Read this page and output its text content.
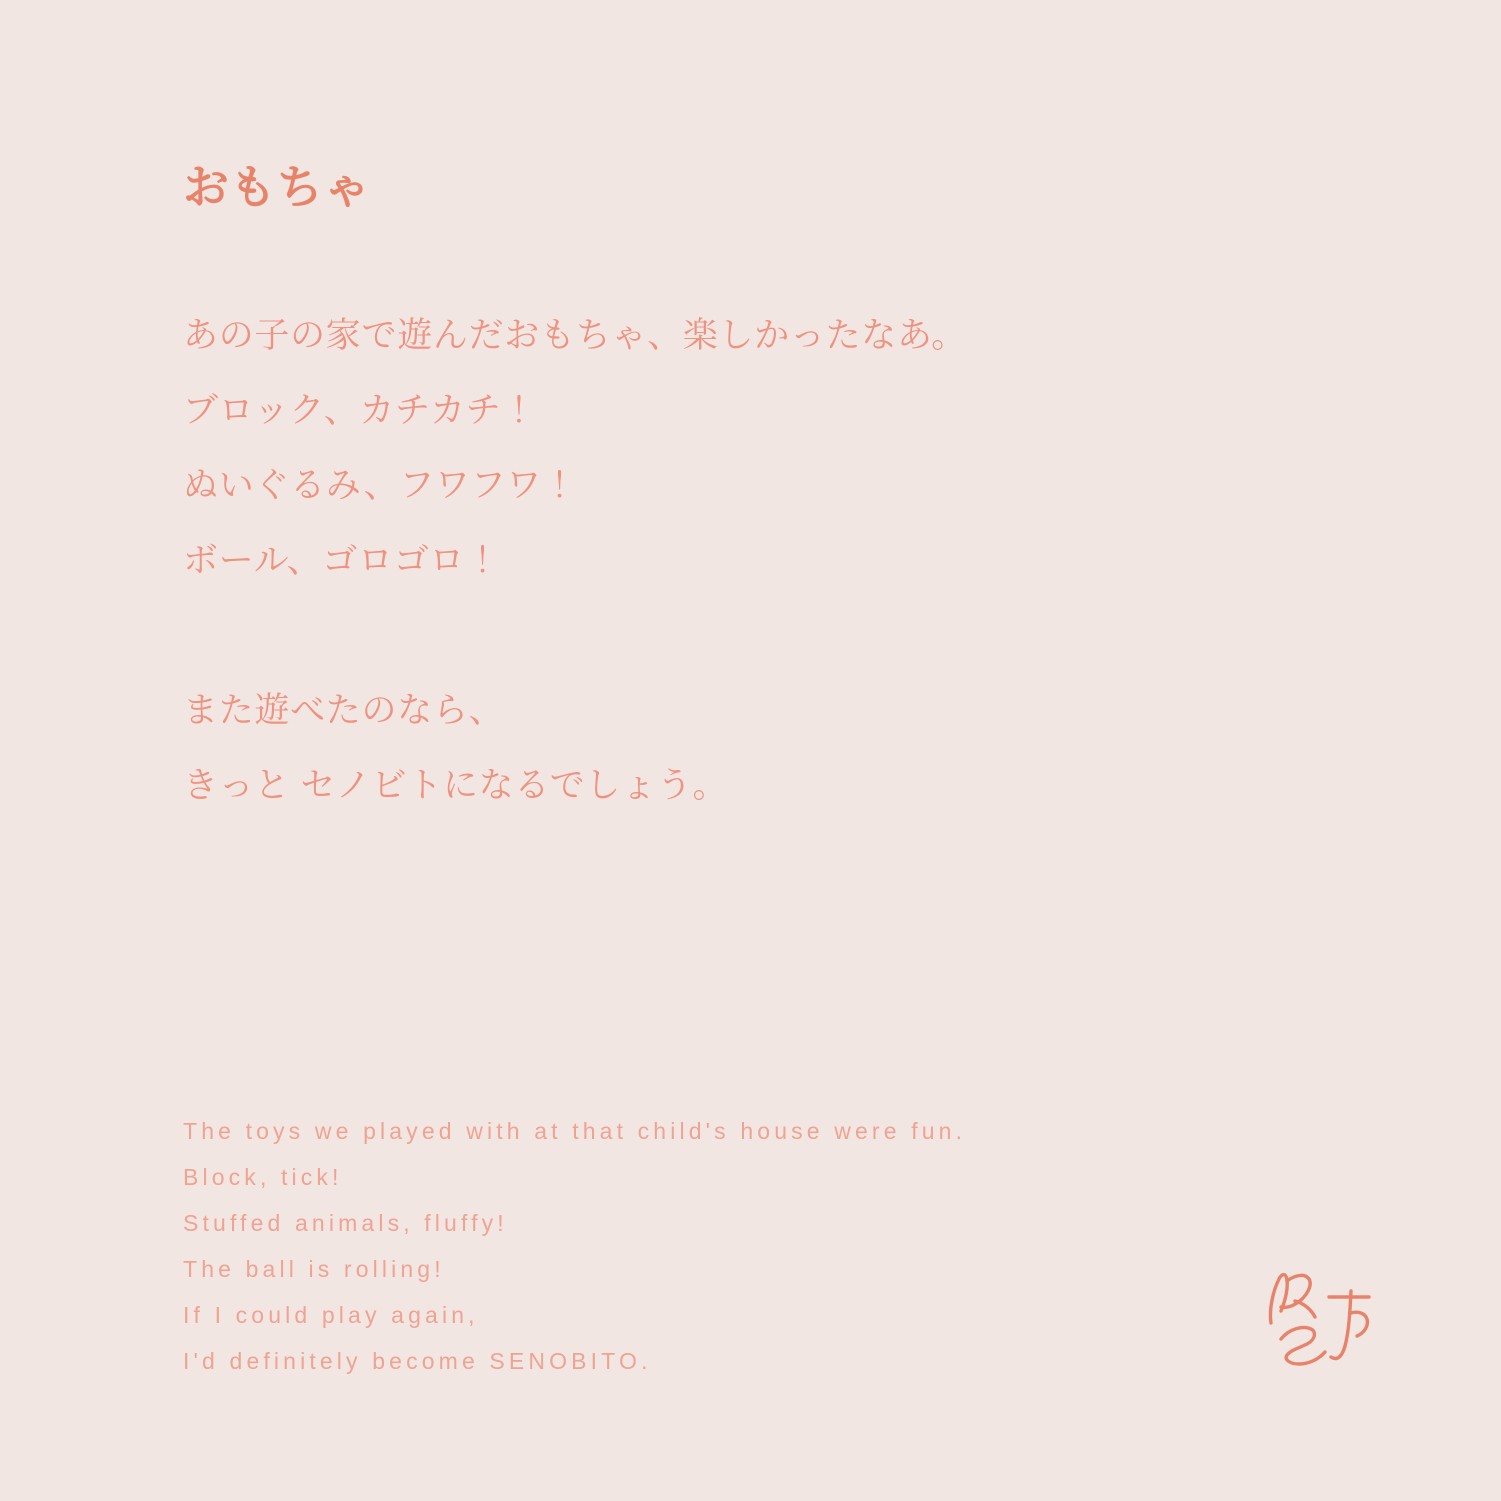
おもちゃ
あの子の家で遊んだおもちゃ、楽しかったなあ。
ブロック、カチカチ！
ぬいぐるみ、フワフワ！
ボール、ゴロゴロ！
また遊べたのなら、
きっと セノビトになるでしょう。
The toys we played with at that child's house were fun.
Block, tick!
Stuffed animals, fluffy!
The ball is rolling!
If I could play again,
I'd definitely become SENOBITO.
